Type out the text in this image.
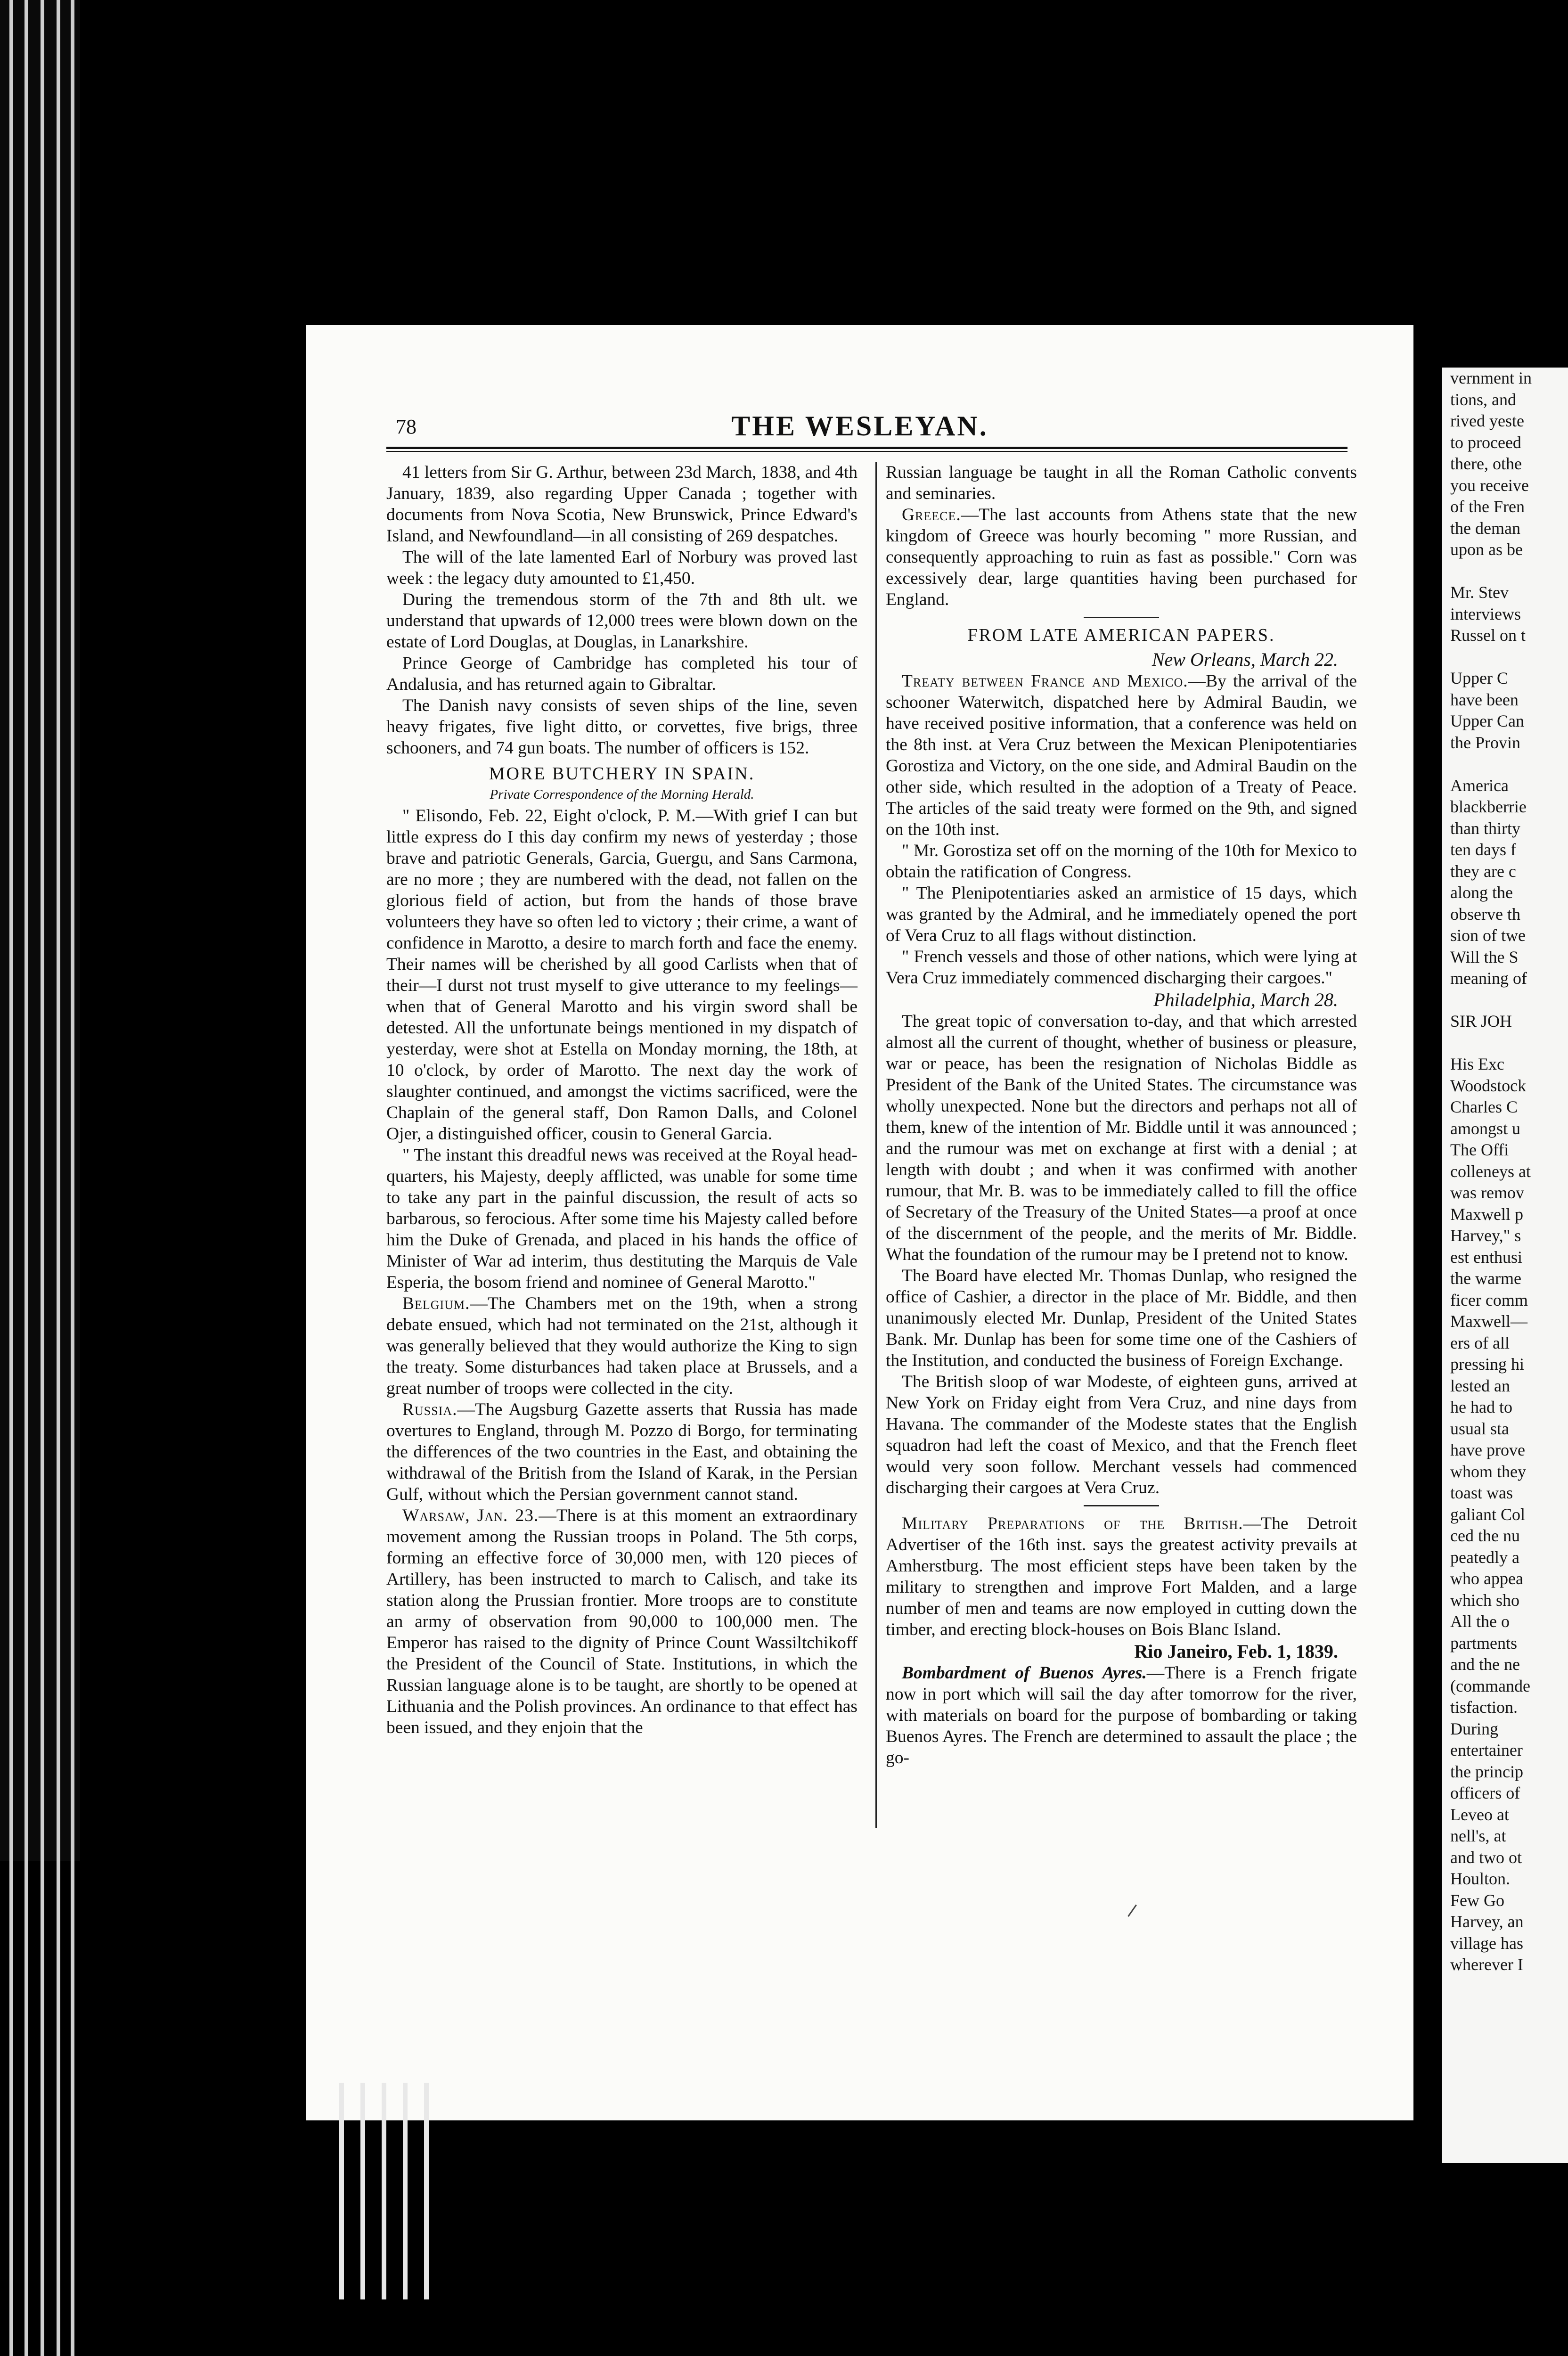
78	THE WESLEYAN.

41 letters from Sir G. Arthur, between 23d March, 1838, and 4th January, 1839, also regarding Upper Canada ; together with documents from Nova Scotia, New Brunswick, Prince Edward's Island, and Newfoundland—in all consisting of 269 despatches.

The will of the late lamented Earl of Norbury was proved last week : the legacy duty amounted to £1,450.

During the tremendous storm of the 7th and 8th ult. we understand that upwards of 12,000 trees were blown down on the estate of Lord Douglas, at Douglas, in Lanarkshire.

Prince George of Cambridge has completed his tour of Andalusia, and has returned again to Gibraltar.

The Danish navy consists of seven ships of the line, seven heavy frigates, five light ditto, or corvettes, five brigs, three schooners, and 74 gun boats. The number of officers is 152.

MORE BUTCHERY IN SPAIN.
Private Correspondence of the Morning Herald.

" Elisondo, Feb. 22, Eight o'clock, P. M.—With grief I can but little express do I this day confirm my news of yesterday ; those brave and patriotic Generals, Garcia, Guergu, and Sans Carmona, are no more ; they are numbered with the dead, not fallen on the glorious field of action, but from the hands of those brave volunteers they have so often led to victory ; their crime, a want of confidence in Marotto, a desire to march forth and face the enemy. Their names will be cherished by all good Carlists when that of their—I durst not trust myself to give utterance to my feelings—when that of General Marotto and his virgin sword shall be detested. All the unfortunate beings mentioned in my dispatch of yesterday, were shot at Estella on Monday morning, the 18th, at 10 o'clock, by order of Marotto. The next day the work of slaughter continued, and amongst the victims sacrificed, were the Chaplain of the general staff, Don Ramon Dalls, and Colonel Ojer, a distinguished officer, cousin to General Garcia.

" The instant this dreadful news was received at the Royal head-quarters, his Majesty, deeply afflicted, was unable for some time to take any part in the painful discussion, the result of acts so barbarous, so ferocious. After some time his Majesty called before him the Duke of Grenada, and placed in his hands the office of Minister of War ad interim, thus destituting the Marquis de Vale Esperia, the bosom friend and nominee of General Marotto."

Belgium.—The Chambers met on the 19th, when a strong debate ensued, which had not terminated on the 21st, although it was generally believed that they would authorize the King to sign the treaty. Some disturbances had taken place at Brussels, and a great number of troops were collected in the city.

Russia.—The Augsburg Gazette asserts that Russia has made overtures to England, through M. Pozzo di Borgo, for terminating the differences of the two countries in the East, and obtaining the withdrawal of the British from the Island of Karak, in the Persian Gulf, without which the Persian government cannot stand.

Warsaw, Jan. 23.—There is at this moment an extraordinary movement among the Russian troops in Poland. The 5th corps, forming an effective force of 30,000 men, with 120 pieces of Artillery, has been instructed to march to Calisch, and take its station along the Prussian frontier. More troops are to constitute an army of observation from 90,000 to 100,000 men. The Emperor has raised to the dignity of Prince Count Wassiltchikoff the President of the Council of State. Institutions, in which the Russian language alone is to be taught, are shortly to be opened at Lithuania and the Polish provinces. An ordinance to that effect has been issued, and they enjoin that the

Russian language be taught in all the Roman Catholic convents and seminaries.

Greece.—The last accounts from Athens state that the new kingdom of Greece was hourly becoming " more Russian, and consequently approaching to ruin as fast as possible." Corn was excessively dear, large quantities having been purchased for England.

FROM LATE AMERICAN PAPERS.
New Orleans, March 22.

Treaty between France and Mexico.—By the arrival of the schooner Waterwitch, dispatched here by Admiral Baudin, we have received positive information, that a conference was held on the 8th inst. at Vera Cruz between the Mexican Plenipotentiaries Gorostiza and Victory, on the one side, and Admiral Baudin on the other side, which resulted in the adoption of a Treaty of Peace. The articles of the said treaty were formed on the 9th, and signed on the 10th inst.

" Mr. Gorostiza set off on the morning of the 10th for Mexico to obtain the ratification of Congress.

" The Plenipotentiaries asked an armistice of 15 days, which was granted by the Admiral, and he immediately opened the port of Vera Cruz to all flags without distinction.

" French vessels and those of other nations, which were lying at Vera Cruz immediately commenced discharging their cargoes."

Philadelphia, March 28.

The great topic of conversation to-day, and that which arrested almost all the current of thought, whether of business or pleasure, war or peace, has been the resignation of Nicholas Biddle as President of the Bank of the United States. The circumstance was wholly unexpected. None but the directors and perhaps not all of them, knew of the intention of Mr. Biddle until it was announced ; and the rumour was met on exchange at first with a denial ; at length with doubt ; and when it was confirmed with another rumour, that Mr. B. was to be immediately called to fill the office of Secretary of the Treasury of the United States—a proof at once of the discernment of the people, and the merits of Mr. Biddle. What the foundation of the rumour may be I pretend not to know.

The Board have elected Mr. Thomas Dunlap, who resigned the office of Cashier, a director in the place of Mr. Biddle, and then unanimously elected Mr. Dunlap, President of the United States Bank. Mr. Dunlap has been for some time one of the Cashiers of the Institution, and conducted the business of Foreign Exchange.

The British sloop of war Modeste, of eighteen guns, arrived at New York on Friday eight from Vera Cruz, and nine days from Havana. The commander of the Modeste states that the English squadron had left the coast of Mexico, and that the French fleet would very soon follow. Merchant vessels had commenced discharging their cargoes at Vera Cruz.

Military Preparations of the British.—The Detroit Advertiser of the 16th inst. says the greatest activity prevails at Amherstburg. The most efficient steps have been taken by the military to strengthen and improve Fort Malden, and a large number of men and teams are now employed in cutting down the timber, and erecting block-houses on Bois Blanc Island.

Rio Janeiro, Feb. 1, 1839.

Bombardment of Buenos Ayres.—There is a French frigate now in port which will sail the day after tomorrow for the river, with materials on board for the purpose of bombarding or taking Buenos Ayres. The French are determined to assault the place ; the go-

vernment in
tions, and
rived yeste
to proceed
there, othe
you receive
of the Fren
the deman
upon as be

Mr. Stev
interviews
Russel on t

Upper C
have been
Upper Can
the Provin

America
blackberrie
than thirty
ten days f
they are c
along the
observe th
sion of twe
Will the S
meaning of

SIR JOH

His Exc
Woodstock
Charles C
amongst u
The Offi
colleneys at
was remov
Maxwell p
Harvey," s
est enthusi
the warme
ficer comm
Maxwell—
ers of all
pressing hi
lested an
he had to
usual sta
have prove
whom they
toast was
galiant Col
ced the nu
peatedly a
who appea
which sho
All the o
partments
and the ne
(commande
tisfaction.
During
entertainer
the princip
officers of
Leveo at
nell's, at
and two ot
Houlton.
Few Go
Harvey, an
village has
wherever I
